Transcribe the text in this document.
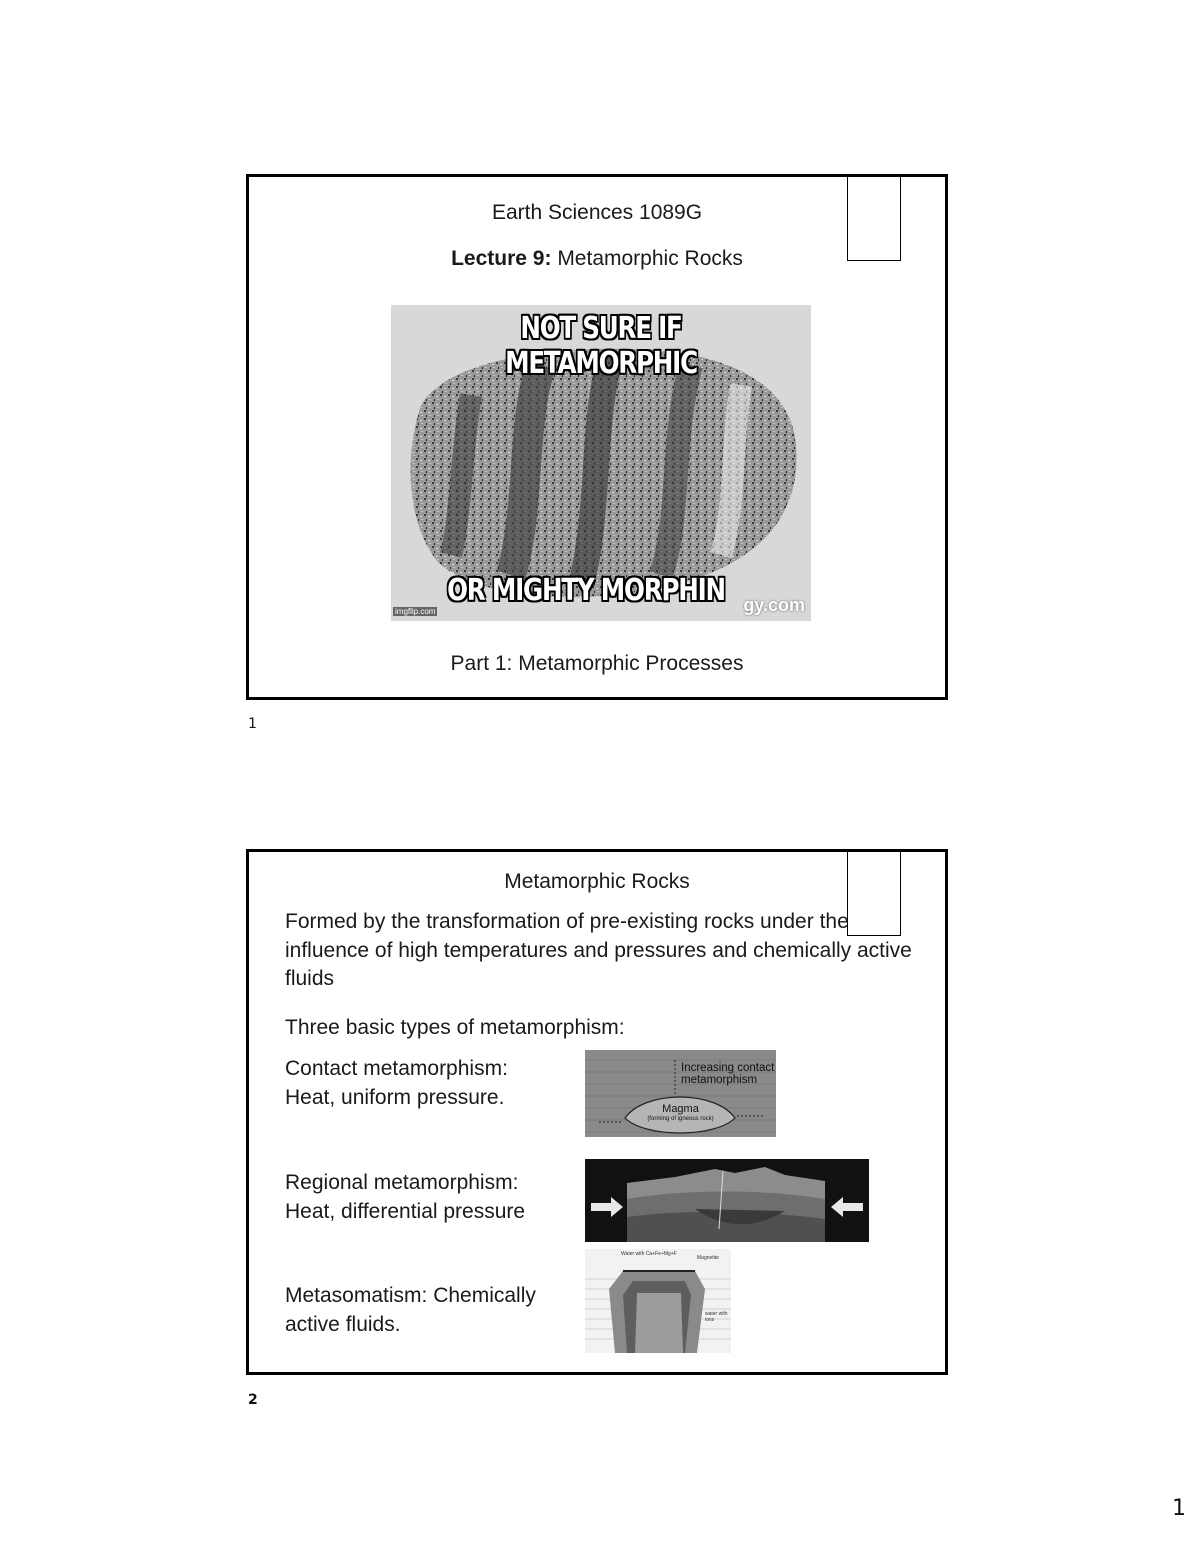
Earth Sciences 1089G
Lecture 9: Metamorphic Rocks
NOT SURE IF METAMORPHIC
OR MIGHTY MORPHIN	gy.com
imgflip.com
Part 1: Metamorphic Processes
1
Metamorphic Rocks
Formed by the transformation of pre-existing rocks under the influence of high temperatures and pressures and chemically active fluids
Three basic types of metamorphism:
Contact metamorphism:
Heat, uniform pressure.
Increasing contact
metamorphism
Magma
(forming of igneous rock)
Regional metamorphism:
Heat, differential pressure
Metasomatism: Chemically
active fluids.
Water with Ca+Fe+Mg+F
Magnetite
water with ions
2
1
